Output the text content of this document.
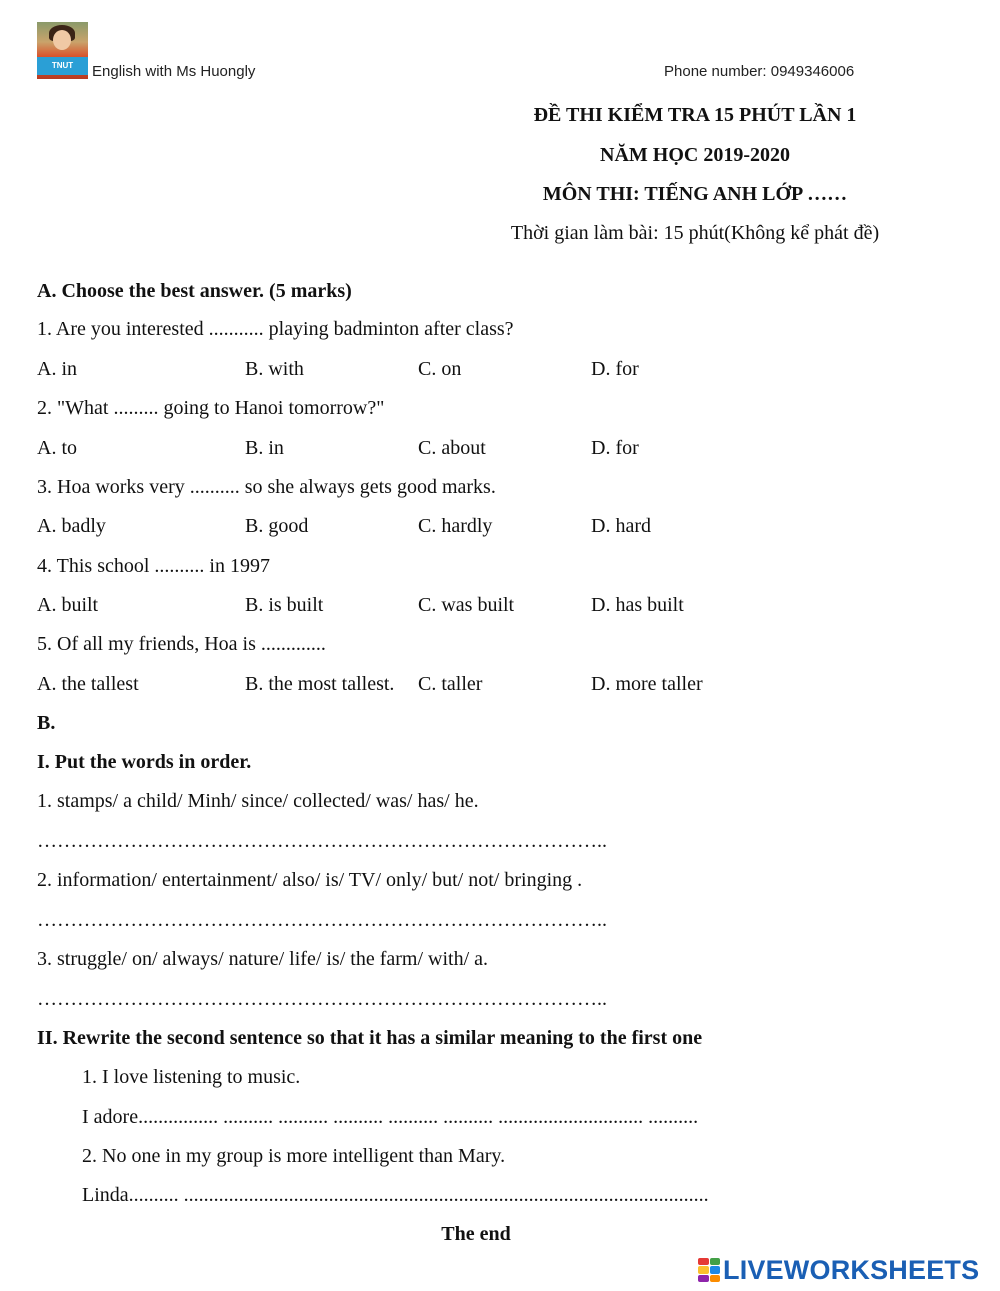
TNUT	English with Ms Huongly	Phone number: 0949346006
ĐỀ THI KIỂM TRA 15 PHÚT LẦN 1
NĂM HỌC 2019-2020
MÔN THI: TIẾNG ANH LỚP ……
Thời gian làm bài: 15 phút(Không kể phát đề)
A. Choose the best answer. (5 marks)
1. Are you interested ........... playing badminton after class?
A. in	B. with	C. on	D. for
2. "What ......... going to Hanoi tomorrow?"
A. to	B. in	C. about	D. for
3. Hoa works very .......... so she always gets good marks.
A. badly	B. good	C. hardly	D. hard
4. This school .......... in 1997
A. built	B. is built	C. was built	D. has built
5. Of all my friends, Hoa is .............
A. the tallest	B. the most tallest. C. taller	D. more taller
B.
I. Put the words in order.
1. stamps/ a child/ Minh/ since/ collected/ was/ has/ he.
…………………………………………………………………………..
2. information/ entertainment/ also/ is/ TV/ only/ but/ not/ bringing .
…………………………………………………………………………..
3. struggle/ on/ always/ nature/ life/ is/ the farm/ with/ a.
…………………………………………………………………………..
II. Rewrite the second sentence so that it has a similar meaning to the first one
1. I love listening to music.
I adore................ .......... .......... .......... .......... .......... ............................. ..........
2. No one in my group is more intelligent than Mary.
Linda.......... .........................................................................................................
The end
LIVEWORKSHEETS
